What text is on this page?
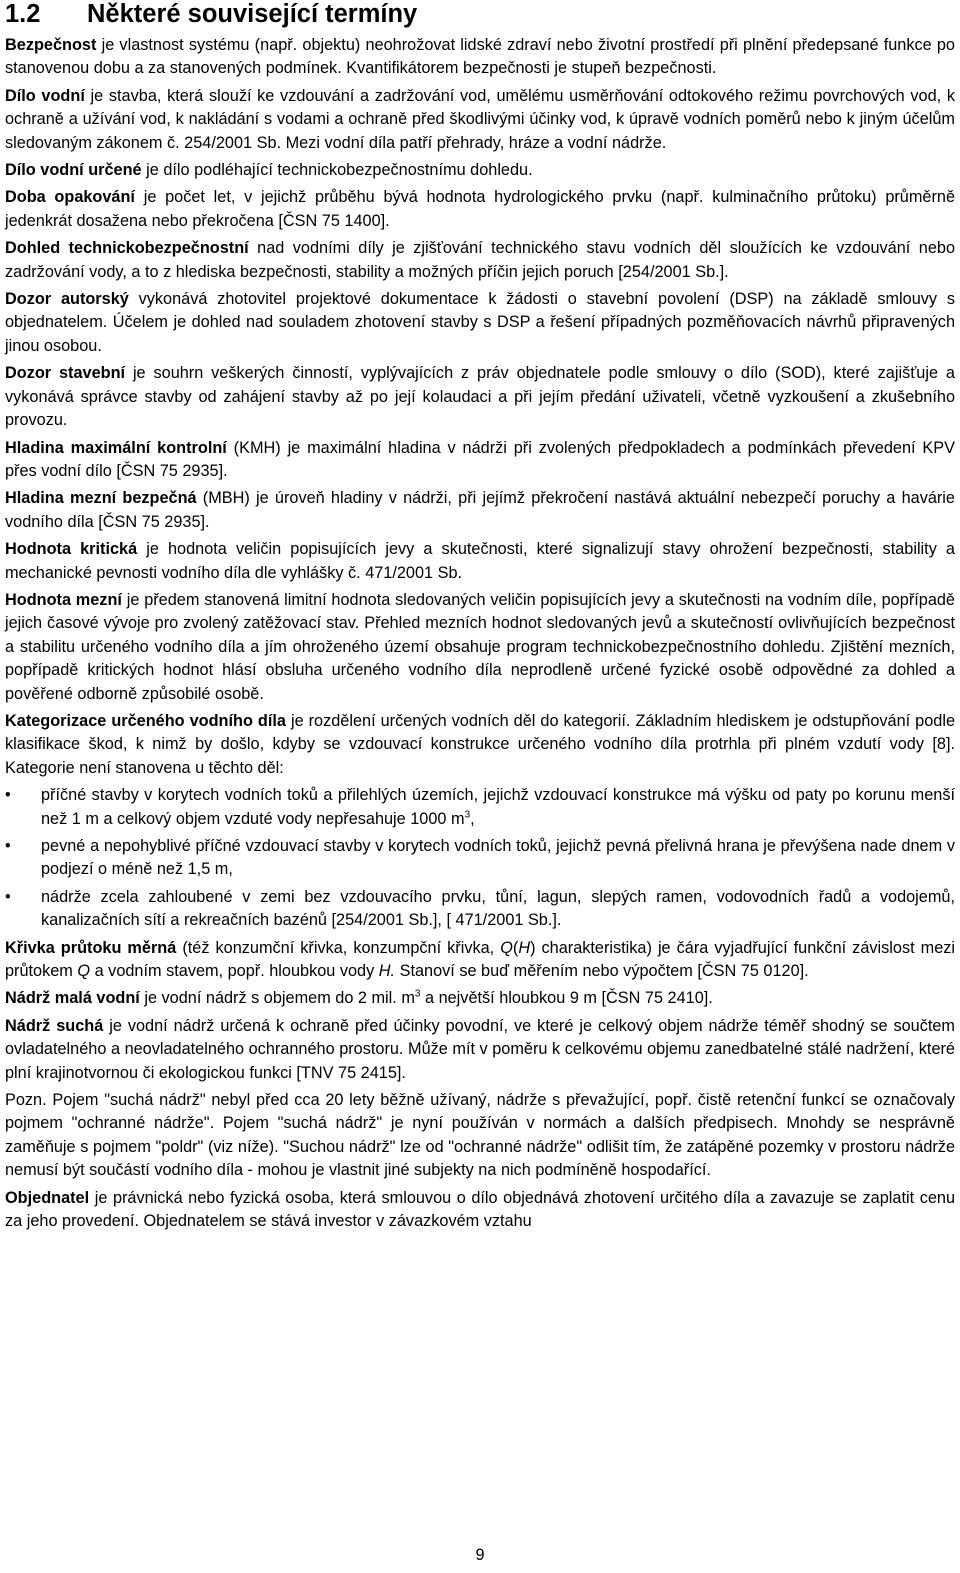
1.2 Některé související termíny

Bezpečnost je vlastnost systému (např. objektu) neohrožovat lidské zdraví nebo životní prostředí při plnění předepsané funkce po stanovenou dobu a za stanovených podmínek. Kvantifikátorem bezpečnosti je stupeň bezpečnosti.

Dílo vodní je stavba, která slouží ke vzdouvání a zadržování vod, umělému usměrňování odtokového režimu povrchových vod, k ochraně a užívání vod, k nakládání s vodami a ochraně před škodlivými účinky vod, k úpravě vodních poměrů nebo k jiným účelům sledovaným zákonem č. 254/2001 Sb. Mezi vodní díla patří přehrady, hráze a vodní nádrže.

Dílo vodní určené je dílo podléhající technickobezpečnostnímu dohledu.

Doba opakování je počet let, v jejichž průběhu bývá hodnota hydrologického prvku (např. kulminačního průtoku) průměrně jedenkrát dosažena nebo překročena [ČSN 75 1400].

Dohled technickobezpečnostní nad vodními díly je zjišťování technického stavu vodních děl sloužících ke vzdouvání nebo zadržování vody, a to z hlediska bezpečnosti, stability a možných příčin jejich poruch [254/2001 Sb.].

Dozor autorský vykonává zhotovitel projektové dokumentace k žádosti o stavební povolení (DSP) na základě smlouvy s objednatelem. Účelem je dohled nad souladem zhotovení stavby s DSP a řešení případných pozměňovacích návrhů připravených jinou osobou.

Dozor stavební je souhrn veškerých činností, vyplývajících z práv objednatele podle smlouvy o dílo (SOD), které zajišťuje a vykonává správce stavby od zahájení stavby až po její kolaudaci a při jejím předání uživateli, včetně vyzkoušení a zkušebního provozu.

Hladina maximální kontrolní (KMH) je maximální hladina v nádrži při zvolených předpokladech a podmínkách převedení KPV přes vodní dílo [ČSN 75 2935].

Hladina mezní bezpečná (MBH) je úroveň hladiny v nádrži, při jejímž překročení nastává aktuální nebezpečí poruchy a havárie vodního díla [ČSN 75 2935].

Hodnota kritická je hodnota veličin popisujících jevy a skutečnosti, které signalizují stavy ohrožení bezpečnosti, stability a mechanické pevnosti vodního díla dle vyhlášky č. 471/2001 Sb.

Hodnota mezní je předem stanovená limitní hodnota sledovaných veličin popisujících jevy a skutečnosti na vodním díle, popřípadě jejich časové vývoje pro zvolený zatěžovací stav. Přehled mezních hodnot sledovaných jevů a skutečností ovlivňujících bezpečnost a stabilitu určeného vodního díla a jím ohroženého území obsahuje program technickobezpečnostního dohledu. Zjištění mezních, popřípadě kritických hodnot hlásí obsluha určeného vodního díla neprodleně určené fyzické osobě odpovědné za dohled a pověřené odborně způsobilé osobě.

Kategorizace určeného vodního díla je rozdělení určených vodních děl do kategorií. Základním hlediskem je odstupňování podle klasifikace škod, k nimž by došlo, kdyby se vzdouvací konstrukce určeného vodního díla protrhla při plném vzdutí vody [8]. Kategorie není stanovena u těchto děl:

• příčné stavby v korytech vodních toků a přilehlých územích, jejichž vzdouvací konstrukce má výšku od paty po korunu menší než 1 m a celkový objem vzduté vody nepřesahuje 1000 $m^3$,
• pevné a nepohyblivé příčné vzdouvací stavby v korytech vodních toků, jejichž pevná přelivná hrana je převýšena nade dnem v podjezí o méně než 1,5 m,
• nádrže zcela zahloubené v zemi bez vzdouvacího prvku, tůní, lagun, slepých ramen, vodovodních řadů a vodojemů, kanalizačních sítí a rekreačních bazénů [254/2001 Sb.], [ 471/2001 Sb.].

Křivka průtoku měrná (též konzumční křivka, konzumpční křivka, Q(H) charakteristika) je čára vyjadřující funkční závislost mezi průtokem Q a vodním stavem, popř. hloubkou vody H. Stanoví se buď měřením nebo výpočtem [ČSN 75 0120].

Nádrž malá vodní je vodní nádrž s objemem do 2 mil. $m^3$ a největší hloubkou 9 m [ČSN 75 2410].

Nádrž suchá je vodní nádrž určená k ochraně před účinky povodní, ve které je celkový objem nádrže téměř shodný se součtem ovladatelného a neovladatelného ochranného prostoru. Může mít v poměru k celkovému objemu zanedbatelné stálé nadržení, které plní krajinotvornou či ekologickou funkci [TNV 75 2415].

Pozn. Pojem "suchá nádrž" nebyl před cca 20 lety běžně užívaný, nádrže s převažující, popř. čistě retenční funkcí se označovaly pojmem "ochranné nádrže". Pojem "suchá nádrž" je nyní používán v normách a dalších předpisech. Mnohdy se nesprávně zaměňuje s pojmem "poldr" (viz níže). "Suchou nádrž" lze od "ochranné nádrže" odlišit tím, že zatápěné pozemky v prostoru nádrže nemusí být součástí vodního díla - mohou je vlastnit jiné subjekty na nich podmíněně hospodařící.

Objednatel je právnická nebo fyzická osoba, která smlouvou o dílo objednává zhotovení určitého díla a zavazuje se zaplatit cenu za jeho provedení. Objednatelem se stává investor v závazkovém vztahu

9
